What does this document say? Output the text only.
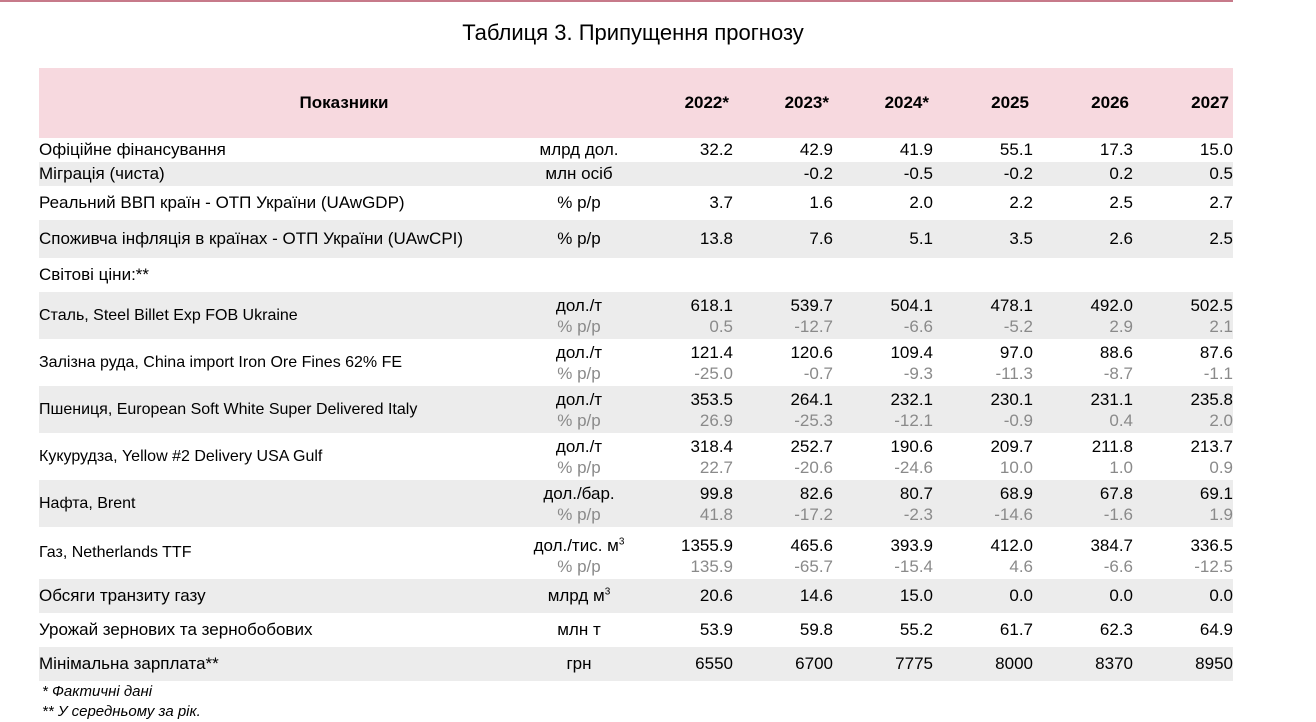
Таблиця 3. Припущення прогнозу
Показники		2022*	2023*	2024*	2025	2026	2027
Офіційне фінансування	млрд дол.	32.2	42.9	41.9	55.1	17.3	15.0
Міграція (чиста)	млн осіб		-0.2	-0.5	-0.2	0.2	0.5
Реальний ВВП країн - ОТП України (UAwGDP)	% р/р	3.7	1.6	2.0	2.2	2.5	2.7
Споживча інфляція в країнах - ОТП України (UAwCPI)	% р/р	13.8	7.6	5.1	3.5	2.6	2.5
Світові ціни:**							
Сталь, Steel Billet Exp FOB Ukraine	дол./т	618.1	539.7	504.1	478.1	492.0	502.5
	% р/р	0.5	-12.7	-6.6	-5.2	2.9	2.1
Залізна руда, China import Iron Ore Fines 62% FE	дол./т	121.4	120.6	109.4	97.0	88.6	87.6
	% р/р	-25.0	-0.7	-9.3	-11.3	-8.7	-1.1
Пшениця, European Soft White Super Delivered Italy	дол./т	353.5	264.1	232.1	230.1	231.1	235.8
	% р/р	26.9	-25.3	-12.1	-0.9	0.4	2.0
Кукурудза, Yellow #2 Delivery USA Gulf	дол./т	318.4	252.7	190.6	209.7	211.8	213.7
	% р/р	22.7	-20.6	-24.6	10.0	1.0	0.9
Нафта, Brent	дол./бар.	99.8	82.6	80.7	68.9	67.8	69.1
	% р/р	41.8	-17.2	-2.3	-14.6	-1.6	1.9
Газ, Netherlands TTF	дол./тис. $м^3$	1355.9	465.6	393.9	412.0	384.7	336.5
	% р/р	135.9	-65.7	-15.4	4.6	-6.6	-12.5
Обсяги транзиту газу	млрд $м^3$	20.6	14.6	15.0	0.0	0.0	0.0
Урожай зернових та зернобобових	млн т	53.9	59.8	55.2	61.7	62.3	64.9
Мінімальна зарплата**	грн	6550	6700	7775	8000	8370	8950
* Фактичні дані
** У середньому за рік.
